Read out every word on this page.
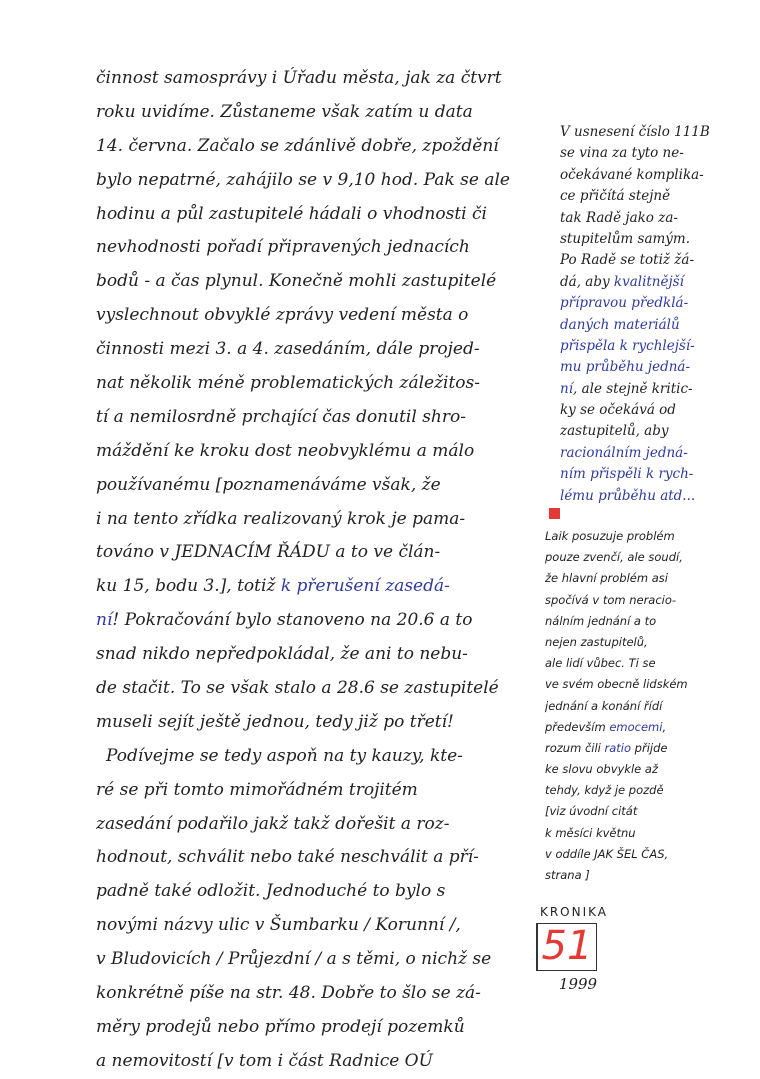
činnost samosprávy i Úřadu města, jak za čtvrt
roku uvidíme. Zůstaneme však zatím u data
14. června. Začalo se zdánlivě dobře, zpoždění
bylo nepatrné, zahájilo se v 9,10 hod. Pak se ale
hodinu a půl zastupitelé hádali o vhodnosti či
nevhodnosti pořadí připravených jednacích
bodů - a čas plynul. Konečně mohli zastupitelé
vyslechnout obvyklé zprávy vedení města o
činnosti mezi 3. a 4. zasedáním, dále projed-
nat několik méně problematických záležitos-
tí a nemilosrdně prchající čas donutil shro-
máždění ke kroku dost neobvyklému a málo
používanému [poznamenáváme však, že
i na tento zřídka realizovaný krok je pama-
továno v JEDNACÍM ŘÁDU a to ve člán-
ku 15, bodu 3.], totiž k přerušení zasedá-
ní! Pokračování bylo stanoveno na 20.6 a to
snad nikdo nepředpokládal, že ani to nebu-
de stačit. To se však stalo a 28.6 se zastupitelé
museli sejít ještě jednou, tedy již po třetí!
Podívejme se tedy aspoň na ty kauzy, kte-
ré se při tomto mimořádném trojitém
zasedání podařilo jakž takž dořešit a roz-
hodnout, schválit nebo také neschválit a pří-
padně také odložit. Jednoduché to bylo s
novými názvy ulic v Šumbarku / Korunní /,
v Bludovicích / Průjezdní / a s těmi, o nichž se
konkrétně píše na str. 48. Dobře to šlo se zá-
měry prodejů nebo přímo prodejí pozemků
a nemovitostí [v tom i část Radnice OÚ
V usnesení číslo 111B
se vina za tyto ne-
očekávané komplika-
ce přičítá stejně
tak Radě jako za-
stupitelům samým.
Po Radě se totiž žá-
dá, aby kvalitnější
přípravou předklá-
daných materiálů
přispěla k rychlejší-
mu průběhu jedná-
ní, ale stejně kritic-
ky se očekává od
zastupitelů, aby
racionálním jedná-
ním přispěli k rych-
lému průběhu atd...
Laik posuzuje problém
pouze zvenčí, ale soudí,
že hlavní problém asi
spočívá v tom neracio-
nálním jednání a to
nejen zastupitelů,
ale lidí vůbec. Ti se
ve svém obecně lidském
jednání a konání řídí
především emocemi,
rozum čili ratio přijde
ke slovu obvykle až
tehdy, když je pozdě
[viz úvodní citát
k měsíci květnu
v oddíle JAK ŠEL ČAS,
strana ]
KRONIKA
51
1999
